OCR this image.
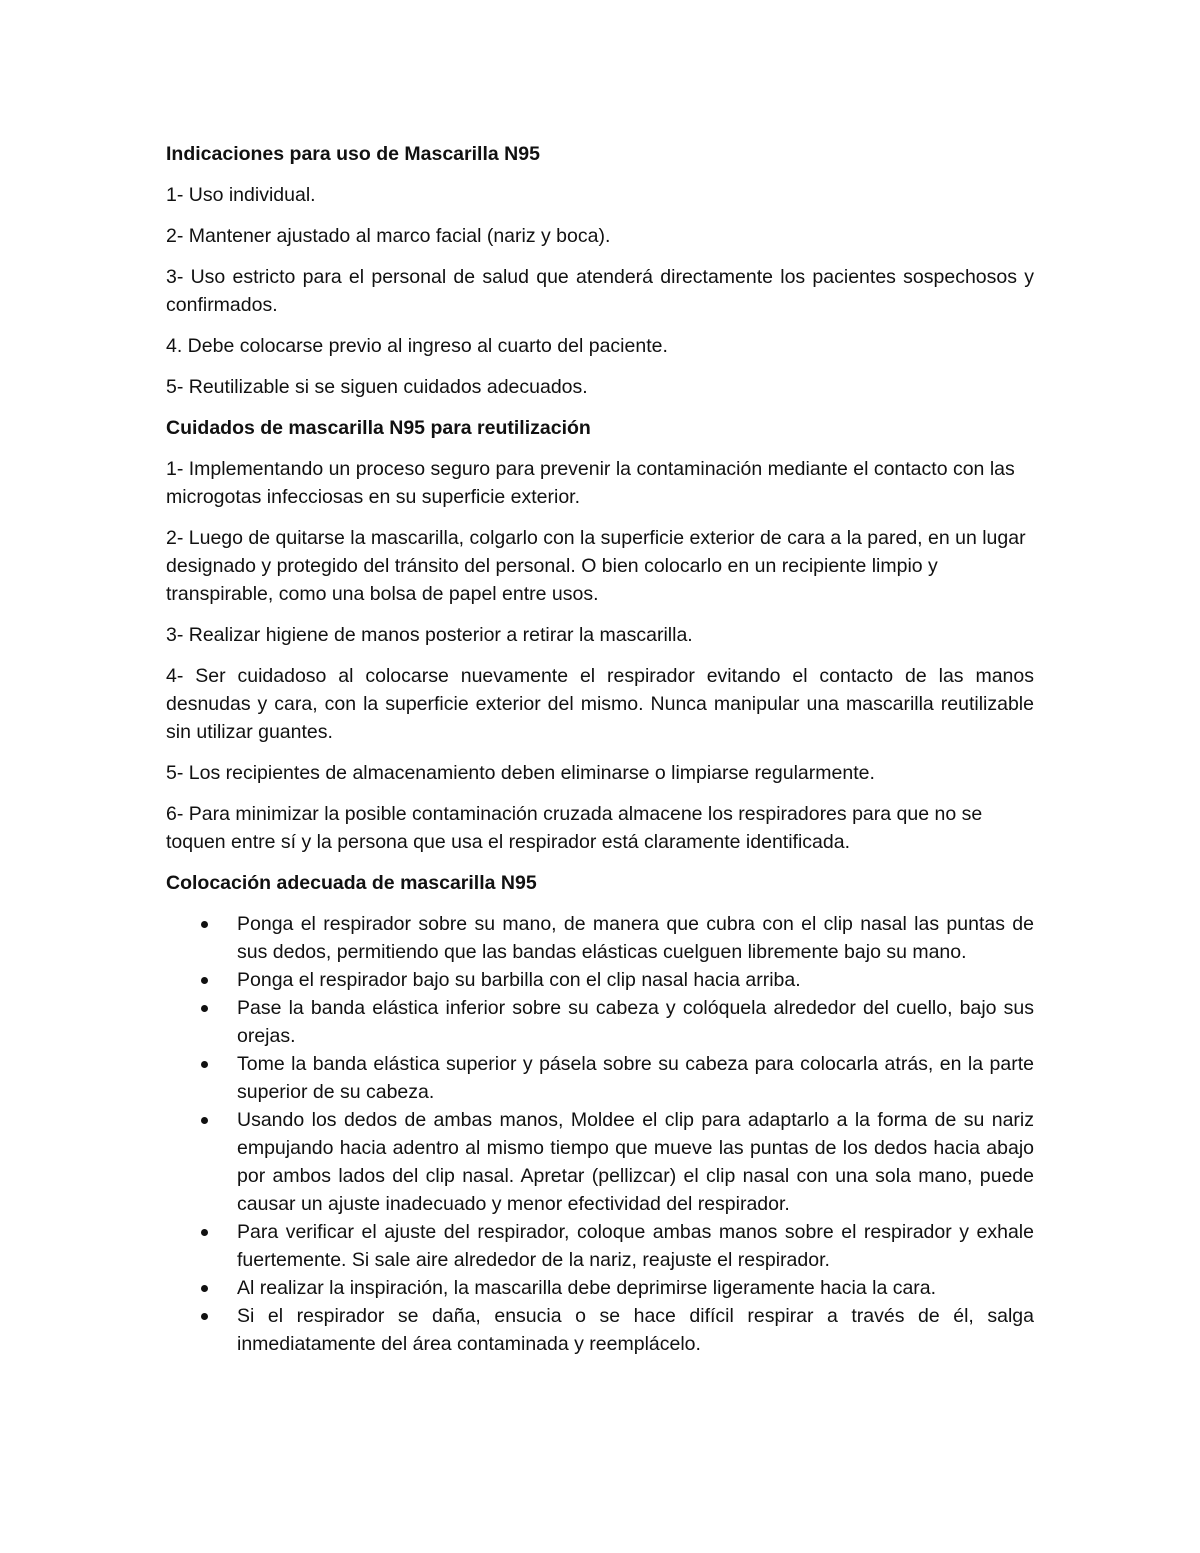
Indicaciones para uso de Mascarilla N95
1- Uso individual.
2- Mantener ajustado al marco facial (nariz y boca).
3- Uso estricto para el personal de salud que atenderá directamente los pacientes sospechosos y confirmados.
4. Debe colocarse previo al ingreso al cuarto del paciente.
5- Reutilizable si se siguen cuidados adecuados.
Cuidados de mascarilla N95 para reutilización
1- Implementando un proceso seguro para prevenir la contaminación mediante el contacto con las microgotas infecciosas en su superficie exterior.
2- Luego de quitarse la mascarilla, colgarlo con la superficie exterior de cara a la pared, en un lugar designado y protegido del tránsito del personal. O bien colocarlo en un recipiente limpio y transpirable, como una bolsa de papel entre usos.
3- Realizar higiene de manos posterior a retirar la mascarilla.
4- Ser cuidadoso al colocarse nuevamente el respirador evitando el contacto de las manos desnudas y cara, con la superficie exterior del mismo. Nunca manipular una mascarilla reutilizable sin utilizar guantes.
5- Los recipientes de almacenamiento deben eliminarse o limpiarse regularmente.
6- Para minimizar la posible contaminación cruzada almacene los respiradores para que no se toquen entre sí y la persona que usa el respirador está claramente identificada.
Colocación adecuada de mascarilla N95
Ponga el respirador sobre su mano, de manera que cubra con el clip nasal las puntas de sus dedos, permitiendo que las bandas elásticas cuelguen libremente bajo su mano.
Ponga el respirador bajo su barbilla con el clip nasal hacia arriba.
Pase la banda elástica inferior sobre su cabeza y colóquela alrededor del cuello, bajo sus orejas.
Tome la banda elástica superior y pásela sobre su cabeza para colocarla atrás, en la parte superior de su cabeza.
Usando los dedos de ambas manos, Moldee el clip para adaptarlo a la forma de su nariz empujando hacia adentro al mismo tiempo que mueve las puntas de los dedos hacia abajo por ambos lados del clip nasal. Apretar (pellizcar) el clip nasal con una sola mano, puede causar un ajuste inadecuado y menor efectividad del respirador.
Para verificar el ajuste del respirador, coloque ambas manos sobre el respirador y exhale fuertemente. Si sale aire alrededor de la nariz, reajuste el respirador.
Al realizar la inspiración, la mascarilla debe deprimirse ligeramente hacia la cara.
Si el respirador se daña, ensucia o se hace difícil respirar a través de él, salga inmediatamente del área contaminada y reemplácelo.
